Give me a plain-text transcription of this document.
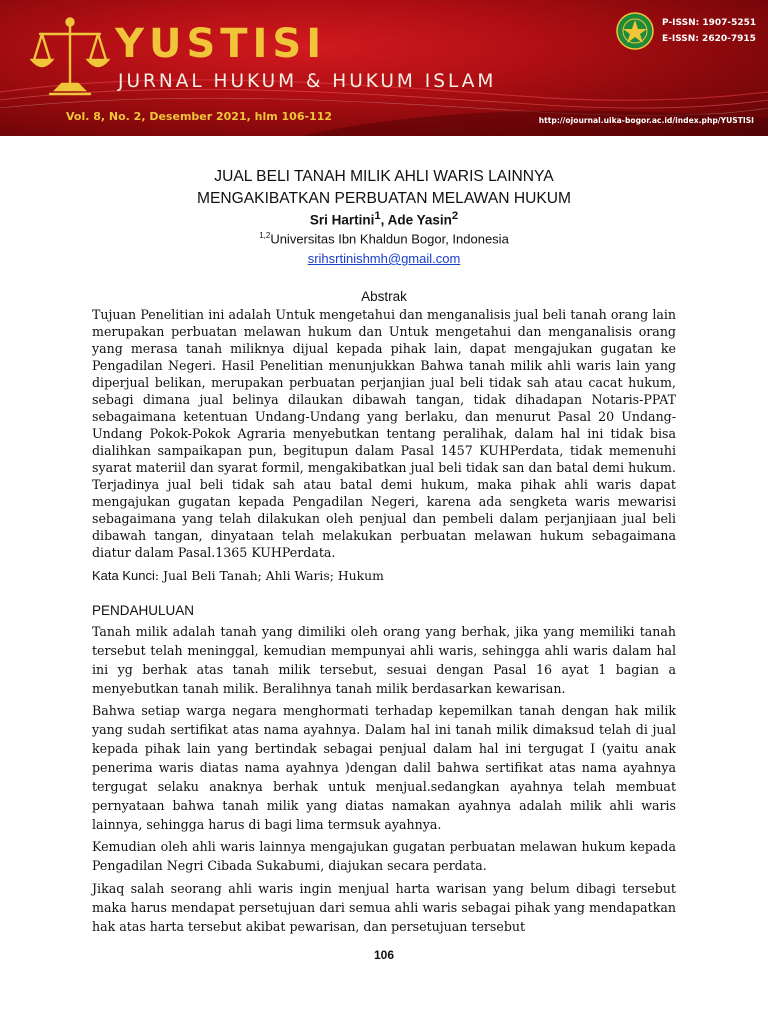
YUSTISI
JURNAL HUKUM & HUKUM ISLAM
Vol. 8, No. 2, Desember 2021, hlm 106-112	http://ojournal.uika-bogor.ac.id/index.php/YUSTISI
P-ISSN: 1907-5251
E-ISSN: 2620-7915
JUAL BELI TANAH MILIK AHLI WARIS LAINNYA
MENGAKIBATKAN PERBUATAN MELAWAN HUKUM
Sri Hartini$^1$, Ade Yasin$^2$
$^{1,2}$Universitas Ibn Khaldun Bogor, Indonesia
srihsrtinishmh@gmail.com
Abstrak

Tujuan Penelitian ini adalah Untuk mengetahui dan menganalisis jual beli tanah orang lain merupakan perbuatan melawan hukum dan Untuk mengetahui dan menganalisis orang yang merasa tanah miliknya dijual kepada pihak lain, dapat mengajukan gugatan ke Pengadilan Negeri. Hasil Penelitian menunjukkan Bahwa tanah milik ahli waris lain yang diperjual belikan, merupakan perbuatan perjanjian jual beli tidak sah atau cacat hukum, sebagi dimana jual belinya dilaukan dibawah tangan, tidak dihadapan Notaris-PPAT sebagaimana ketentuan Undang-Undang yang berlaku, dan menurut Pasal 20 Undang-Undang Pokok-Pokok Agraria menyebutkan tentang peralihak, dalam hal ini tidak bisa dialihkan sampaikapan pun, begitupun dalam Pasal 1457 KUHPerdata, tidak memenuhi syarat materiil dan syarat formil, mengakibatkan jual beli tidak san dan batal demi hukum. Terjadinya jual beli tidak sah atau batal demi hukum, maka pihak ahli waris dapat mengajukan gugatan kepada Pengadilan Negeri, karena ada sengketa waris mewarisi sebagaimana yang telah dilakukan oleh penjual dan pembeli dalam perjanjiaan jual beli dibawah tangan, dinyataan telah melakukan perbuatan melawan hukum sebagaimana diatur dalam Pasal.1365 KUHPerdata.

Kata Kunci: Jual Beli Tanah; Ahli Waris; Hukum
PENDAHULUAN

Tanah milik adalah tanah yang dimiliki oleh orang yang berhak, jika yang memiliki tanah tersebut telah meninggal, kemudian mempunyai ahli waris, sehingga ahli waris dalam hal ini yg berhak atas tanah milik tersebut, sesuai dengan Pasal 16 ayat 1 bagian a menyebutkan tanah milik. Beralihnya tanah milik berdasarkan kewarisan.

Bahwa setiap warga negara menghormati terhadap kepemilkan tanah dengan hak milik yang sudah sertifikat atas nama ayahnya. Dalam hal ini tanah milik dimaksud telah di jual kepada pihak lain yang bertindak sebagai penjual dalam hal ini tergugat I (yaitu anak penerima waris diatas nama ayahnya )dengan dalil bahwa sertifikat atas nama ayahnya tergugat selaku anaknya berhak untuk menjual.sedangkan ayahnya telah membuat pernyataan bahwa tanah milik yang diatas namakan ayahnya adalah milik ahli waris lainnya, sehingga harus di bagi lima termsuk ayahnya.

Kemudian oleh ahli waris lainnya mengajukan gugatan perbuatan melawan hukum kepada Pengadilan Negri Cibada Sukabumi, diajukan secara perdata.

Jikaq salah seorang ahli waris ingin menjual harta warisan yang belum dibagi tersebut maka harus mendapat persetujuan dari semua ahli waris sebagai pihak yang mendapatkan hak atas harta tersebut akibat pewarisan, dan persetujuan tersebut

106
